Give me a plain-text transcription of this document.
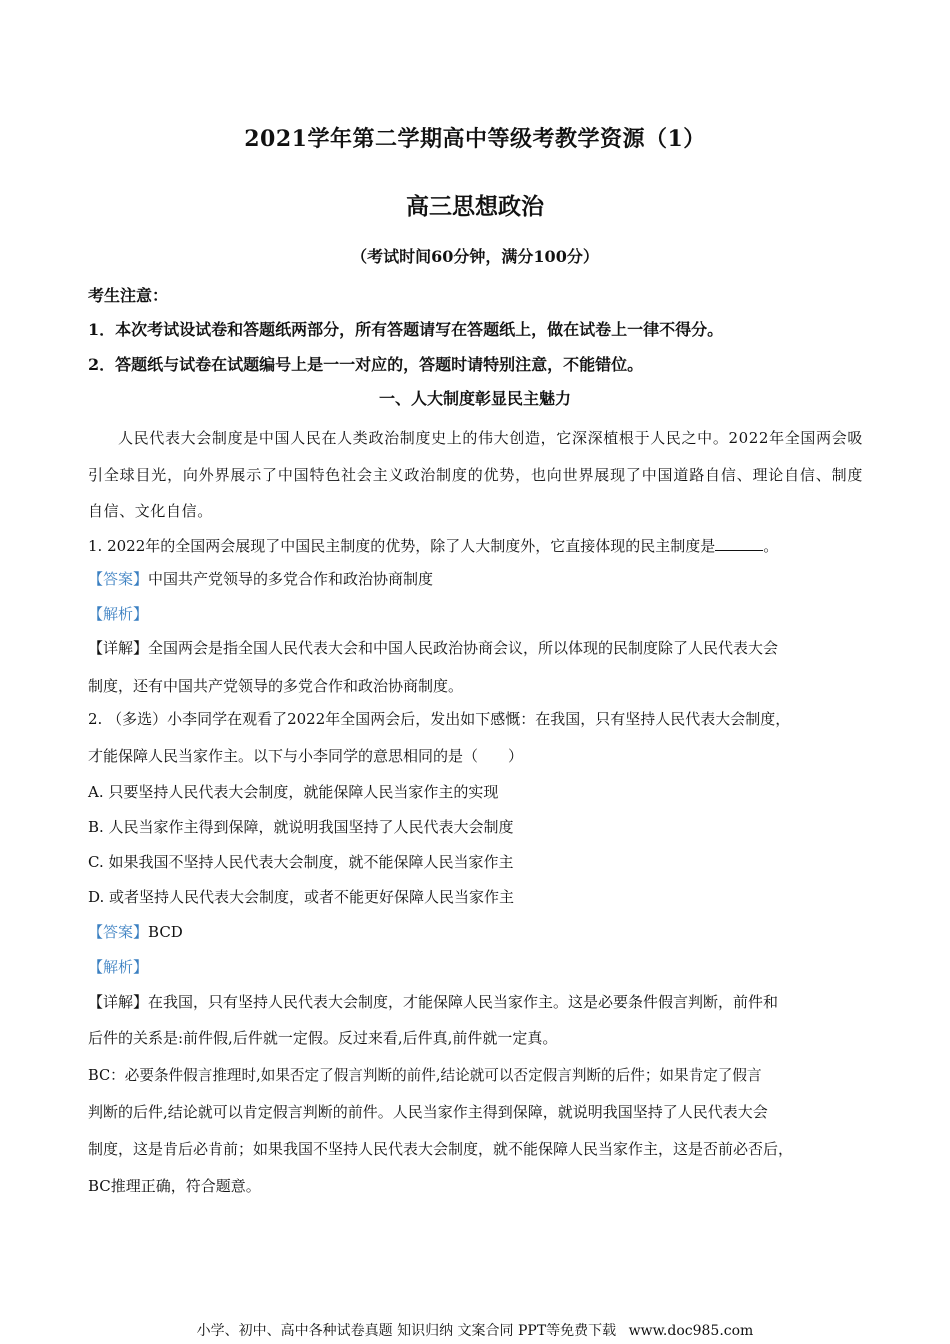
2021学年第二学期高中等级考教学资源（1）
高三思想政治
（考试时间60分钟，满分100分）
考生注意：
1．本次考试设试卷和答题纸两部分，所有答题请写在答题纸上，做在试卷上一律不得分。
2．答题纸与试卷在试题编号上是一一对应的，答题时请特别注意，不能错位。
一、人大制度彰显民主魅力
人民代表大会制度是中国人民在人类政治制度史上的伟大创造，它深深植根于人民之中。2022年全国两会吸引全球目光，向外界展示了中国特色社会主义政治制度的优势，也向世界展现了中国道路自信、理论自信、制度自信、文化自信。
1. 2022年的全国两会展现了中国民主制度的优势，除了人大制度外，它直接体现的民主制度是	。
【答案】中国共产党领导的多党合作和政治协商制度
【解析】
【详解】全国两会是指全国人民代表大会和中国人民政治协商会议，所以体现的民制度除了人民代表大会
制度，还有中国共产党领导的多党合作和政治协商制度。
2. （多选）小李同学在观看了2022年全国两会后，发出如下感慨：在我国，只有坚持人民代表大会制度，
才能保障人民当家作主。以下与小李同学的意思相同的是（　　）
A. 只要坚持人民代表大会制度，就能保障人民当家作主的实现
B. 人民当家作主得到保障，就说明我国坚持了人民代表大会制度
C. 如果我国不坚持人民代表大会制度，就不能保障人民当家作主
D. 或者坚持人民代表大会制度，或者不能更好保障人民当家作主
【答案】BCD
【解析】
【详解】在我国，只有坚持人民代表大会制度，才能保障人民当家作主。这是必要条件假言判断，前件和
后件的关系是:前件假,后件就一定假。反过来看,后件真,前件就一定真。
BC：必要条件假言推理时,如果否定了假言判断的前件,结论就可以否定假言判断的后件；如果肯定了假言
判断的后件,结论就可以肯定假言判断的前件。人民当家作主得到保障，就说明我国坚持了人民代表大会
制度，这是肯后必肯前；如果我国不坚持人民代表大会制度，就不能保障人民当家作主，这是否前必否后，
BC推理正确，符合题意。
小学、初中、高中各种试卷真题 知识归纳 文案合同 PPT等免费下载 www.doc985.com
